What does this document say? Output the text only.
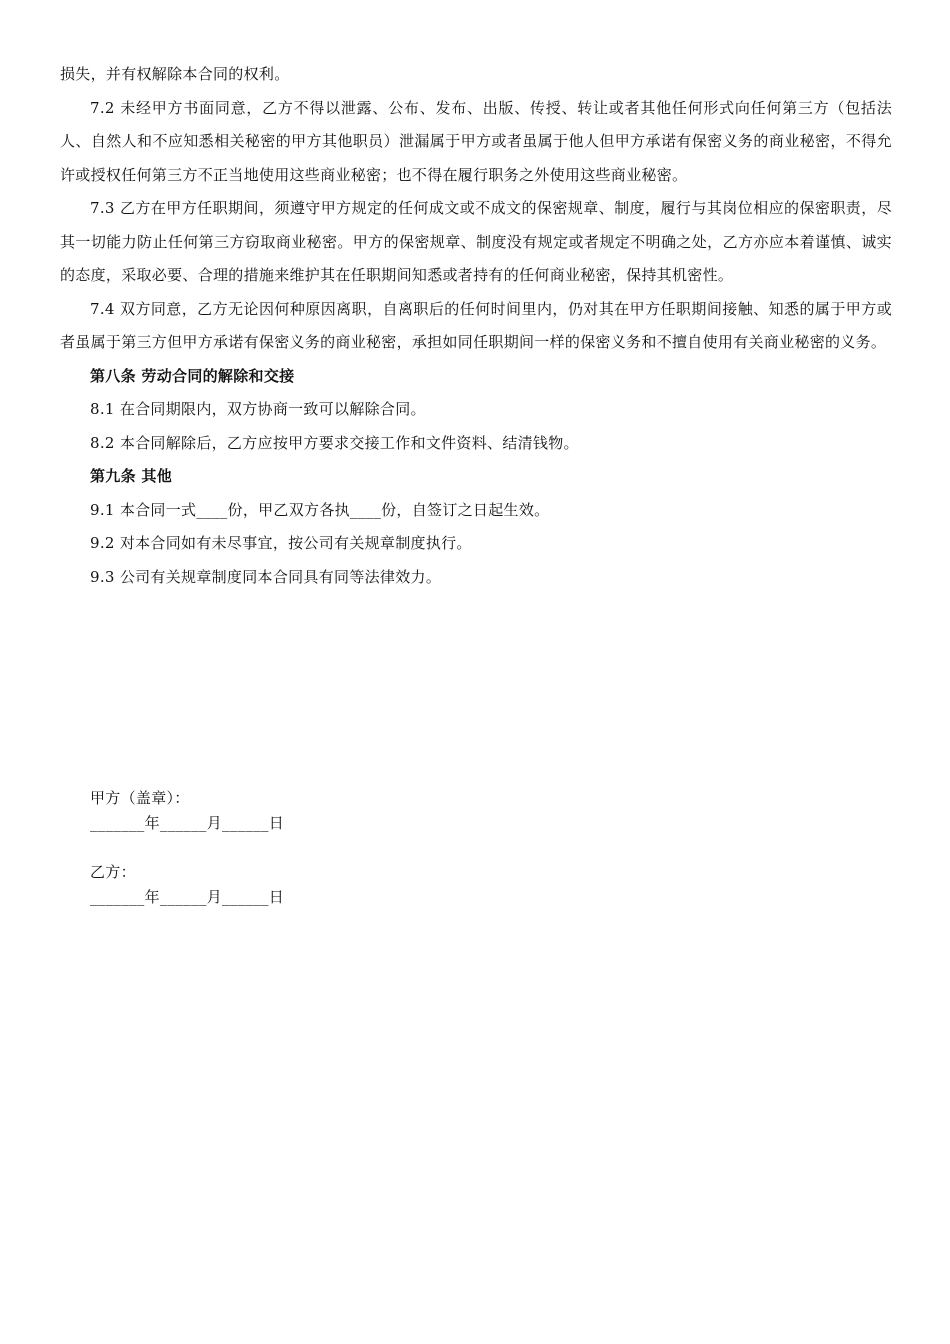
损失，并有权解除本合同的权利。

7.2 未经甲方书面同意，乙方不得以泄露、公布、发布、出版、传授、转让或者其他任何形式向任何第三方（包括法人、自然人和不应知悉相关秘密的甲方其他职员）泄漏属于甲方或者虽属于他人但甲方承诺有保密义务的商业秘密，不得允许或授权任何第三方不正当地使用这些商业秘密；也不得在履行职务之外使用这些商业秘密。

7.3 乙方在甲方任职期间，须遵守甲方规定的任何成文或不成文的保密规章、制度，履行与其岗位相应的保密职责，尽其一切能力防止任何第三方窃取商业秘密。甲方的保密规章、制度没有规定或者规定不明确之处，乙方亦应本着谨慎、诚实的态度，采取必要、合理的措施来维护其在任职期间知悉或者持有的任何商业秘密，保持其机密性。

7.4 双方同意，乙方无论因何种原因离职，自离职后的任何时间里内，仍对其在甲方任职期间接触、知悉的属于甲方或者虽属于第三方但甲方承诺有保密义务的商业秘密，承担如同任职期间一样的保密义务和不擅自使用有关商业秘密的义务。

第八条 劳动合同的解除和交接

8.1 在合同期限内，双方协商一致可以解除合同。

8.2 本合同解除后，乙方应按甲方要求交接工作和文件资料、结清钱物。

第九条 其他

9.1 本合同一式____份，甲乙双方各执____份，自签订之日起生效。

9.2 对本合同如有未尽事宜，按公司有关规章制度执行。

9.3 公司有关规章制度同本合同具有同等法律效力。

甲方（盖章）：

_______年______月______日

乙方：

_______年______月______日
